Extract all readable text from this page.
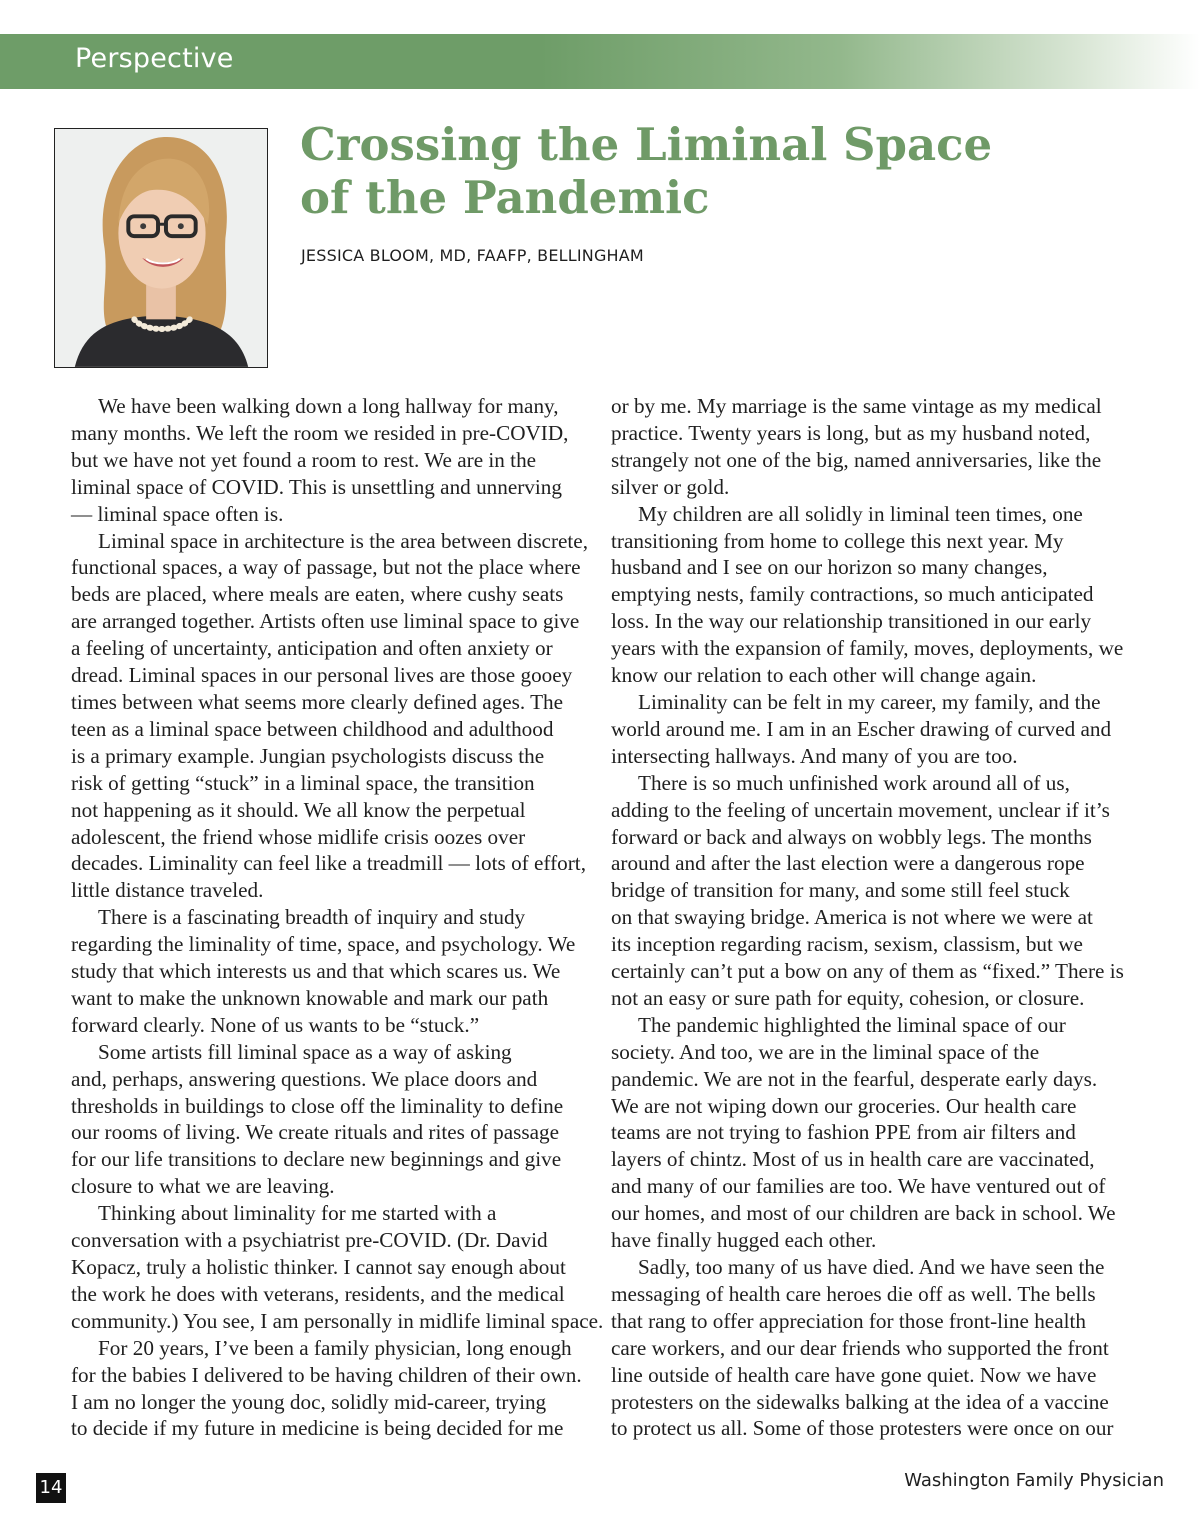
Perspective
Crossing the Liminal Space
of the Pandemic
JESSICA BLOOM, MD, FAAFP, BELLINGHAM
We have been walking down a long hallway for many,
many months. We left the room we resided in pre-COVID,
but we have not yet found a room to rest. We are in the
liminal space of COVID. This is unsettling and unnerving
— liminal space often is.
Liminal space in architecture is the area between discrete,
functional spaces, a way of passage, but not the place where
beds are placed, where meals are eaten, where cushy seats
are arranged together. Artists often use liminal space to give
a feeling of uncertainty, anticipation and often anxiety or
dread. Liminal spaces in our personal lives are those gooey
times between what seems more clearly defined ages. The
teen as a liminal space between childhood and adulthood
is a primary example. Jungian psychologists discuss the
risk of getting “stuck” in a liminal space, the transition
not happening as it should. We all know the perpetual
adolescent, the friend whose midlife crisis oozes over
decades. Liminality can feel like a treadmill — lots of effort,
little distance traveled.
There is a fascinating breadth of inquiry and study
regarding the liminality of time, space, and psychology. We
study that which interests us and that which scares us. We
want to make the unknown knowable and mark our path
forward clearly. None of us wants to be “stuck.”
Some artists fill liminal space as a way of asking
and, perhaps, answering questions. We place doors and
thresholds in buildings to close off the liminality to define
our rooms of living. We create rituals and rites of passage
for our life transitions to declare new beginnings and give
closure to what we are leaving.
Thinking about liminality for me started with a
conversation with a psychiatrist pre-COVID. (Dr. David
Kopacz, truly a holistic thinker. I cannot say enough about
the work he does with veterans, residents, and the medical
community.) You see, I am personally in midlife liminal space.
For 20 years, I’ve been a family physician, long enough
for the babies I delivered to be having children of their own.
I am no longer the young doc, solidly mid-career, trying
to decide if my future in medicine is being decided for me
or by me. My marriage is the same vintage as my medical
practice. Twenty years is long, but as my husband noted,
strangely not one of the big, named anniversaries, like the
silver or gold.
My children are all solidly in liminal teen times, one
transitioning from home to college this next year. My
husband and I see on our horizon so many changes,
emptying nests, family contractions, so much anticipated
loss. In the way our relationship transitioned in our early
years with the expansion of family, moves, deployments, we
know our relation to each other will change again.
Liminality can be felt in my career, my family, and the
world around me. I am in an Escher drawing of curved and
intersecting hallways. And many of you are too.
There is so much unfinished work around all of us,
adding to the feeling of uncertain movement, unclear if it’s
forward or back and always on wobbly legs. The months
around and after the last election were a dangerous rope
bridge of transition for many, and some still feel stuck
on that swaying bridge. America is not where we were at
its inception regarding racism, sexism, classism, but we
certainly can’t put a bow on any of them as “fixed.” There is
not an easy or sure path for equity, cohesion, or closure.
The pandemic highlighted the liminal space of our
society. And too, we are in the liminal space of the
pandemic. We are not in the fearful, desperate early days.
We are not wiping down our groceries. Our health care
teams are not trying to fashion PPE from air filters and
layers of chintz. Most of us in health care are vaccinated,
and many of our families are too. We have ventured out of
our homes, and most of our children are back in school. We
have finally hugged each other.
Sadly, too many of us have died. And we have seen the
messaging of health care heroes die off as well. The bells
that rang to offer appreciation for those front-line health
care workers, and our dear friends who supported the front
line outside of health care have gone quiet. Now we have
protesters on the sidewalks balking at the idea of a vaccine
to protect us all. Some of those protesters were once on our
14	Washington Family Physician
